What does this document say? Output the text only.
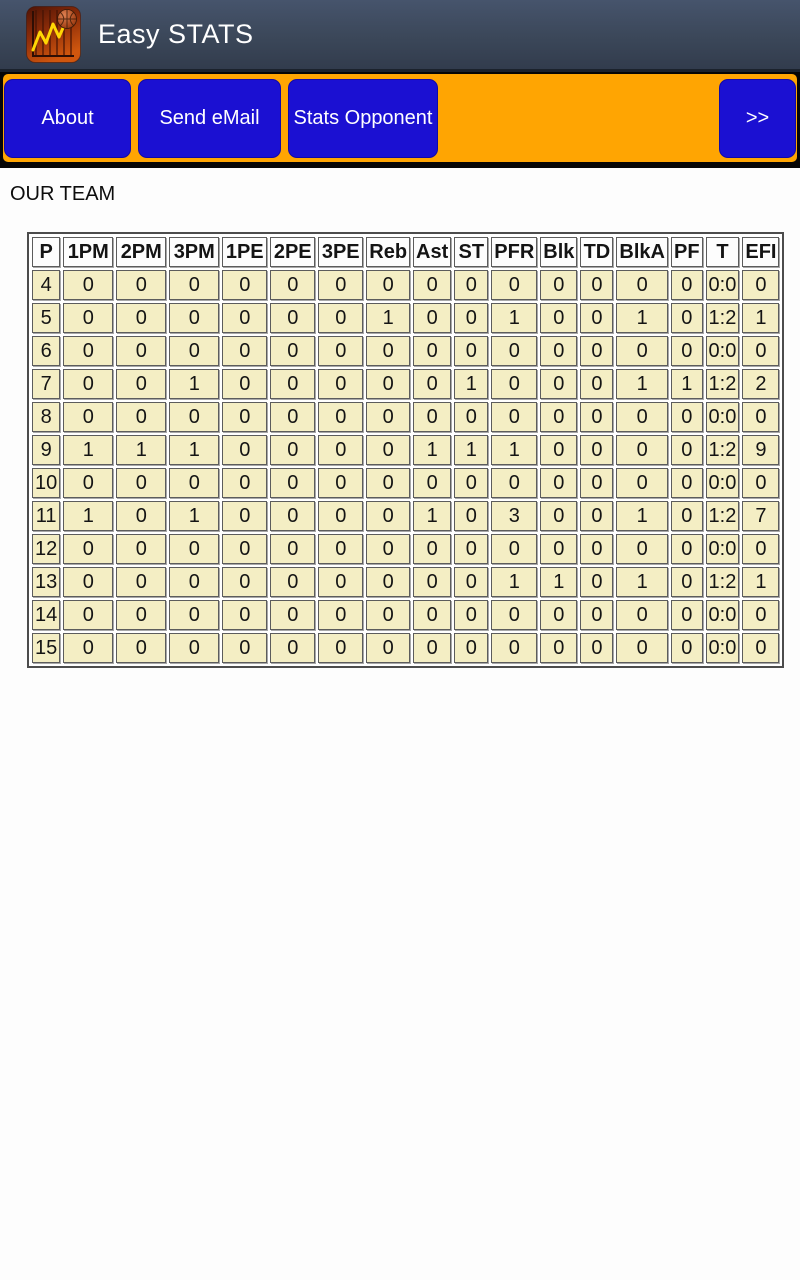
Easy STATS
About	Send eMail	Stats Opponent	>>
OUR TEAM
P	1PM	2PM	3PM	1PE	2PE	3PE	Reb	Ast	ST	PFR	Blk	TD	BlkA	PF	T	EFI
4	0	0	0	0	0	0	0	0	0	0	0	0	0	0	0:0	0
5	0	0	0	0	0	0	1	0	0	1	0	0	1	0	1:2	1
6	0	0	0	0	0	0	0	0	0	0	0	0	0	0	0:0	0
7	0	0	1	0	0	0	0	0	1	0	0	0	1	1	1:2	2
8	0	0	0	0	0	0	0	0	0	0	0	0	0	0	0:0	0
9	1	1	1	0	0	0	0	1	1	1	0	0	0	0	1:2	9
10	0	0	0	0	0	0	0	0	0	0	0	0	0	0	0:0	0
11	1	0	1	0	0	0	0	1	0	3	0	0	1	0	1:2	7
12	0	0	0	0	0	0	0	0	0	0	0	0	0	0	0:0	0
13	0	0	0	0	0	0	0	0	0	1	1	0	1	0	1:2	1
14	0	0	0	0	0	0	0	0	0	0	0	0	0	0	0:0	0
15	0	0	0	0	0	0	0	0	0	0	0	0	0	0	0:0	0
